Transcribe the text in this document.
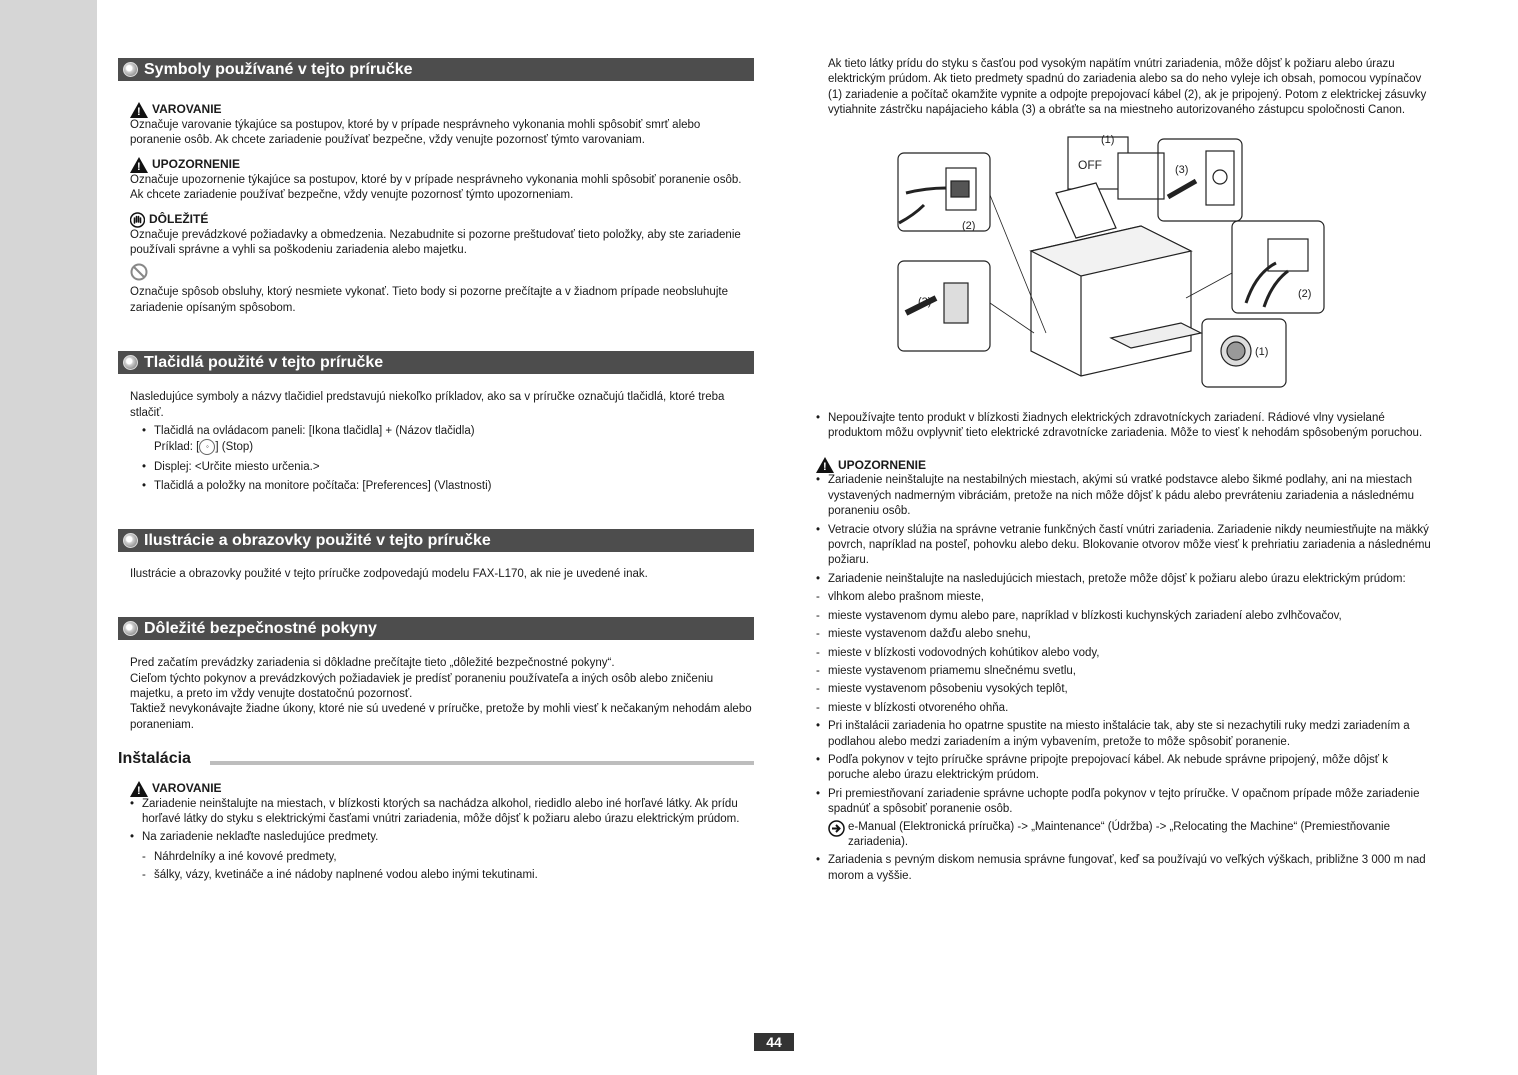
Symboly používané v tejto príručke
!
VAROVANIE

Označuje varovanie týkajúce sa postupov, ktoré by v prípade nesprávneho vykonania mohli spôsobiť smrť alebo poranenie osôb. Ak chcete zariadenie používať bezpečne, vždy venujte pozornosť týmto varovaniam.

!
UPOZORNENIE

Označuje upozornenie týkajúce sa postupov, ktoré by v prípade nesprávneho vykonania mohli spôsobiť poranenie osôb. Ak chcete zariadenie používať bezpečne, vždy venujte pozornosť týmto upozorneniam.

DÔLEŽITÉ

Označuje prevádzkové požiadavky a obmedzenia. Nezabudnite si pozorne preštudovať tieto položky, aby ste zariadenie používali správne a vyhli sa poškodeniu zariadenia alebo majetku.

Označuje spôsob obsluhy, ktorý nesmiete vykonať. Tieto body si pozorne prečítajte a v žiadnom prípade neobsluhujte zariadenie opísaným spôsobom.

Tlačidlá použité v tejto príručke

Nasledujúce symboly a názvy tlačidiel predstavujú niekoľko príkladov, ako sa v príručke označujú tlačidlá, ktoré treba stlačiť.

• Tlačidlá na ovládacom paneli: [Ikona tlačidla] + (Názov tlačidla)
Príklad: [ ◦ ] (Stop)
• Displej: <Určite miesto určenia.>
• Tlačidlá a položky na monitore počítača: [Preferences] (Vlastnosti)
Ilustrácie a obrazovky použité v tejto príručke

Ilustrácie a obrazovky použité v tejto príručke zodpovedajú modelu FAX-L170, ak nie je uvedené inak.

Dôležité bezpečnostné pokyny

Pred začatím prevádzky zariadenia si dôkladne prečítajte tieto „dôležité bezpečnostné pokyny“.

Cieľom týchto pokynov a prevádzkových požiadaviek je predísť poraneniu používateľa a iných osôb alebo zničeniu majetku, a preto im vždy venujte dostatočnú pozornosť.

Taktiež nevykonávajte žiadne úkony, ktoré nie sú uvedené v príručke, pretože by mohli viesť k nečakaným nehodám alebo poraneniam.

Inštalácia
!
VAROVANIE
• Zariadenie neinštalujte na miestach, v blízkosti ktorých sa nachádza alkohol, riedidlo alebo iné horľavé látky. Ak prídu horľavé látky do styku s elektrickými časťami vnútri zariadenia, môže dôjsť k požiaru alebo úrazu elektrickým prúdom.
• Na zariadenie neklaďte nasledujúce predmety.
- Náhrdelníky a iné kovové predmety,
- šálky, vázy, kvetináče a iné nádoby naplnené vodou alebo inými tekutinami.

Ak tieto látky prídu do styku s časťou pod vysokým napätím vnútri zariadenia, môže dôjsť k požiaru alebo úrazu elektrickým prúdom. Ak tieto predmety spadnú do zariadenia alebo sa do neho vyleje ich obsah, pomocou vypínačov (1) zariadenie a počítač okamžite vypnite a odpojte prepojovací kábel (2), ak je pripojený. Potom z elektrickej zásuvky vytiahnite zástrčku napájacieho kábla (3) a obráťte sa na miestneho autorizovaného zástupcu spoločnosti Canon.

(1)
(2)
(3)
(3)
(2)
(1)
OFF
• Nepoužívajte tento produkt v blízkosti žiadnych elektrických zdravotníckych zariadení. Rádiové vlny vysielané produktom môžu ovplyvniť tieto elektrické zdravotnícke zariadenia. Môže to viesť k nehodám spôsobeným poruchou.
!
UPOZORNENIE
• Zariadenie neinštalujte na nestabilných miestach, akými sú vratké podstavce alebo šikmé podlahy, ani na miestach vystavených nadmerným vibráciám, pretože na nich môže dôjsť k pádu alebo prevráteniu zariadenia a následnému poraneniu osôb.
• Vetracie otvory slúžia na správne vetranie funkčných častí vnútri zariadenia. Zariadenie nikdy neumiestňujte na mäkký povrch, napríklad na posteľ, pohovku alebo deku. Blokovanie otvorov môže viesť k prehriatiu zariadenia a následnému požiaru.
• Zariadenie neinštalujte na nasledujúcich miestach, pretože môže dôjsť k požiaru alebo úrazu elektrickým prúdom:
- vlhkom alebo prašnom mieste,
- mieste vystavenom dymu alebo pare, napríklad v blízkosti kuchynských zariadení alebo zvlhčovačov,
- mieste vystavenom dažďu alebo snehu,
- mieste v blízkosti vodovodných kohútikov alebo vody,
- mieste vystavenom priamemu slnečnému svetlu,
- mieste vystavenom pôsobeniu vysokých teplôt,
- mieste v blízkosti otvoreného ohňa.
• Pri inštalácii zariadenia ho opatrne spustite na miesto inštalácie tak, aby ste si nezachytili ruky medzi zariadením a podlahou alebo medzi zariadením a iným vybavením, pretože to môže spôsobiť poranenie.
• Podľa pokynov v tejto príručke správne pripojte prepojovací kábel. Ak nebude správne pripojený, môže dôjsť k poruche alebo úrazu elektrickým prúdom.
• Pri premiestňovaní zariadenie správne uchopte podľa pokynov v tejto príručke. V opačnom prípade môže zariadenie spadnúť a spôsobiť poranenie osôb.
e-Manual (Elektronická príručka) -> „Maintenance“ (Údržba) -> „Relocating the Machine“ (Premiestňovanie zariadenia).
• Zariadenia s pevným diskom nemusia správne fungovať, keď sa používajú vo veľkých výškach, približne 3 000 m nad morom a vyššie.
44
